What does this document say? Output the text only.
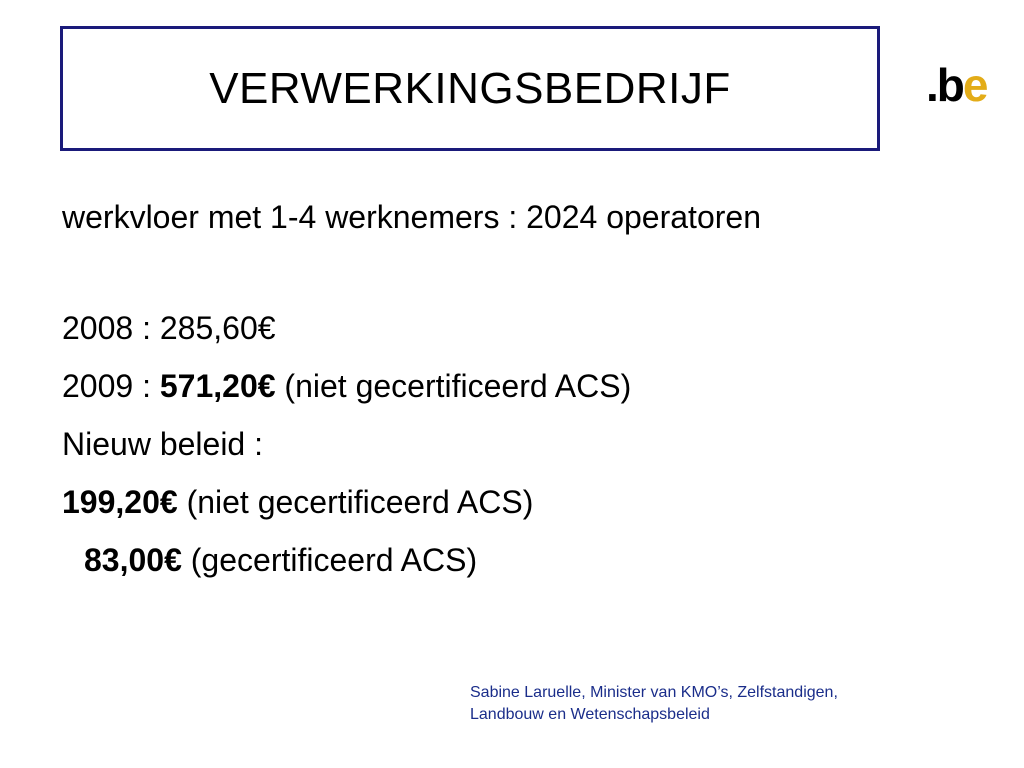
VERWERKINGSBEDRIJF	.be
werkvloer met 1-4 werknemers : 2024 operatoren
2008 : 285,60€
2009 : 571,20€ (niet gecertificeerd ACS)
Nieuw beleid :
199,20€ (niet gecertificeerd ACS)
83,00€ (gecertificeerd ACS)
Sabine Laruelle, Minister van KMO’s, Zelfstandigen,
Landbouw en Wetenschapsbeleid
